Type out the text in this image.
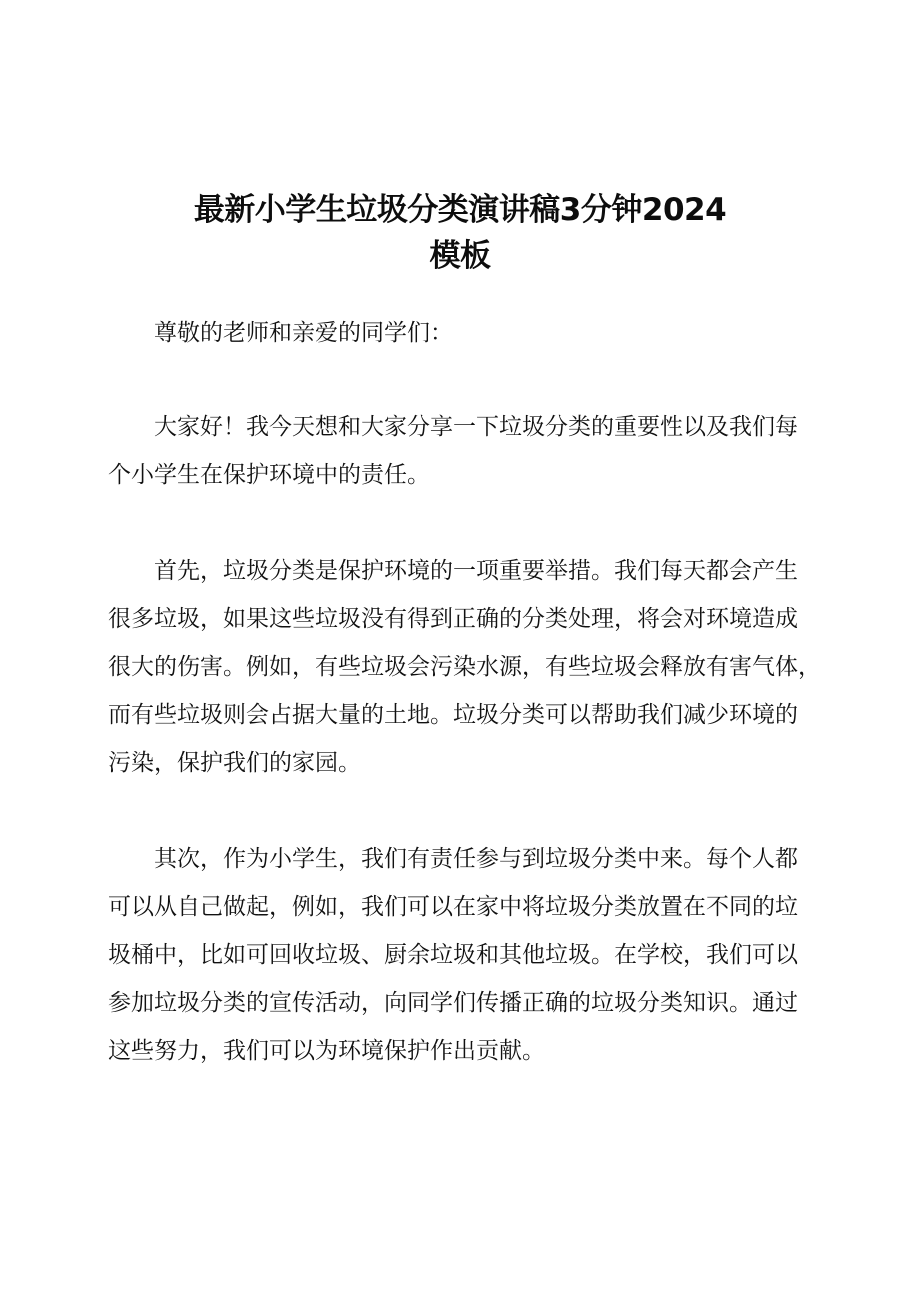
最新小学生垃圾分类演讲稿3分钟2024
模板
尊敬的老师和亲爱的同学们：
大家好！我今天想和大家分享一下垃圾分类的重要性以及我们每
个小学生在保护环境中的责任。
首先，垃圾分类是保护环境的一项重要举措。我们每天都会产生
很多垃圾，如果这些垃圾没有得到正确的分类处理，将会对环境造成
很大的伤害。例如，有些垃圾会污染水源，有些垃圾会释放有害气体，
而有些垃圾则会占据大量的土地。垃圾分类可以帮助我们减少环境的
污染，保护我们的家园。
其次，作为小学生，我们有责任参与到垃圾分类中来。每个人都
可以从自己做起，例如，我们可以在家中将垃圾分类放置在不同的垃
圾桶中，比如可回收垃圾、厨余垃圾和其他垃圾。在学校，我们可以
参加垃圾分类的宣传活动，向同学们传播正确的垃圾分类知识。通过
这些努力，我们可以为环境保护作出贡献。
